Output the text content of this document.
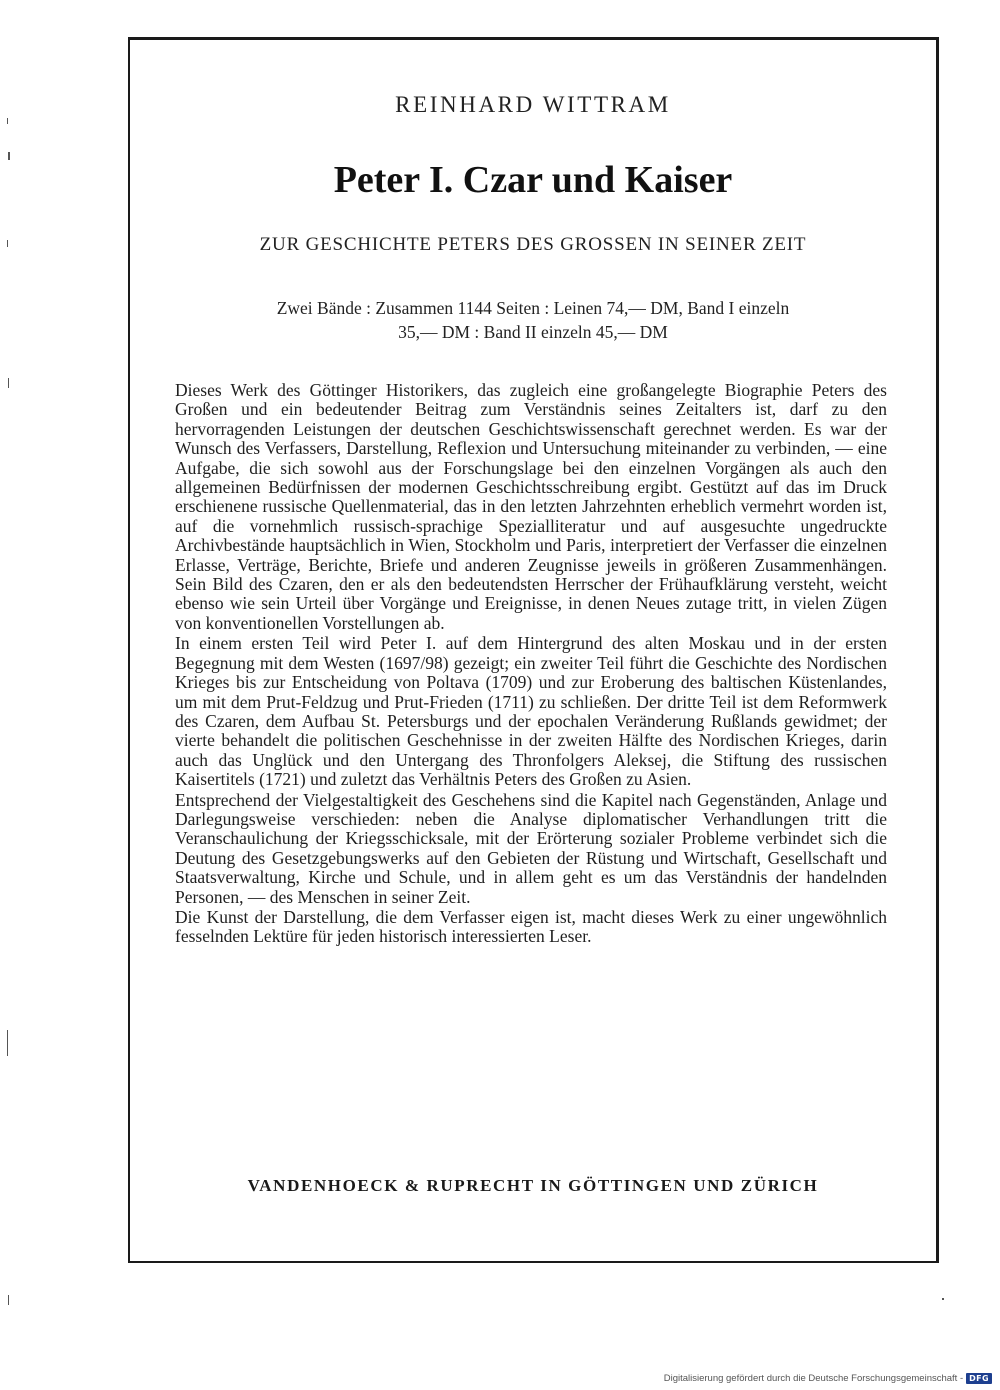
REINHARD WITTRAM
Peter I. Czar und Kaiser
ZUR GESCHICHTE PETERS DES GROSSEN IN SEINER ZEIT
Zwei Bände : Zusammen 1144 Seiten : Leinen 74,— DM, Band I einzeln
35,— DM : Band II einzeln 45,— DM

Dieses Werk des Göttinger Historikers, das zugleich eine großangelegte Biographie Peters des Großen und ein bedeutender Beitrag zum Verständnis seines Zeitalters ist, darf zu den hervorragenden Leistungen der deutschen Geschichtswissenschaft gerechnet werden. Es war der Wunsch des Verfassers, Darstellung, Reflexion und Untersuchung miteinander zu verbinden, — eine Aufgabe, die sich sowohl aus der Forschungslage bei den einzelnen Vorgängen als auch den allgemeinen Bedürfnissen der modernen Geschichtsschreibung ergibt. Gestützt auf das im Druck erschienene russische Quellenmaterial, das in den letzten Jahrzehnten erheblich vermehrt worden ist, auf die vornehmlich russisch-sprachige Spezialliteratur und auf ausgesuchte ungedruckte Archivbestände hauptsächlich in Wien, Stockholm und Paris, interpretiert der Verfasser die einzelnen Erlasse, Verträge, Berichte, Briefe und anderen Zeugnisse jeweils in größeren Zusammenhängen. Sein Bild des Czaren, den er als den bedeutendsten Herrscher der Frühaufklärung versteht, weicht ebenso wie sein Urteil über Vorgänge und Ereignisse, in denen Neues zutage tritt, in vielen Zügen von konventionellen Vorstellungen ab.

In einem ersten Teil wird Peter I. auf dem Hintergrund des alten Moskau und in der ersten Begegnung mit dem Westen (1697/98) gezeigt; ein zweiter Teil führt die Geschichte des Nordischen Krieges bis zur Entscheidung von Poltava (1709) und zur Eroberung des baltischen Küstenlandes, um mit dem Prut-Feldzug und Prut-Frieden (1711) zu schließen. Der dritte Teil ist dem Reformwerk des Czaren, dem Aufbau St. Petersburgs und der epochalen Veränderung Rußlands gewidmet; der vierte behandelt die politischen Geschehnisse in der zweiten Hälfte des Nordischen Krieges, darin auch das Unglück und den Untergang des Thronfolgers Aleksej, die Stiftung des russischen Kaisertitels (1721) und zuletzt das Verhältnis Peters des Großen zu Asien.

Entsprechend der Vielgestaltigkeit des Geschehens sind die Kapitel nach Gegenständen, Anlage und Darlegungsweise verschieden: neben die Analyse diplomatischer Verhandlungen tritt die Veranschaulichung der Kriegsschicksale, mit der Erörterung sozialer Probleme verbindet sich die Deutung des Gesetzgebungswerks auf den Gebieten der Rüstung und Wirtschaft, Gesellschaft und Staatsverwaltung, Kirche und Schule, und in allem geht es um das Verständnis der handelnden Personen, — des Menschen in seiner Zeit.

Die Kunst der Darstellung, die dem Verfasser eigen ist, macht dieses Werk zu einer ungewöhnlich fesselnden Lektüre für jeden historisch interessierten Leser.

VANDENHOECK & RUPRECHT IN GÖTTINGEN UND ZÜRICH
Digitalisierung gefördert durch die Deutsche Forschungsgemeinschaft - DFG
